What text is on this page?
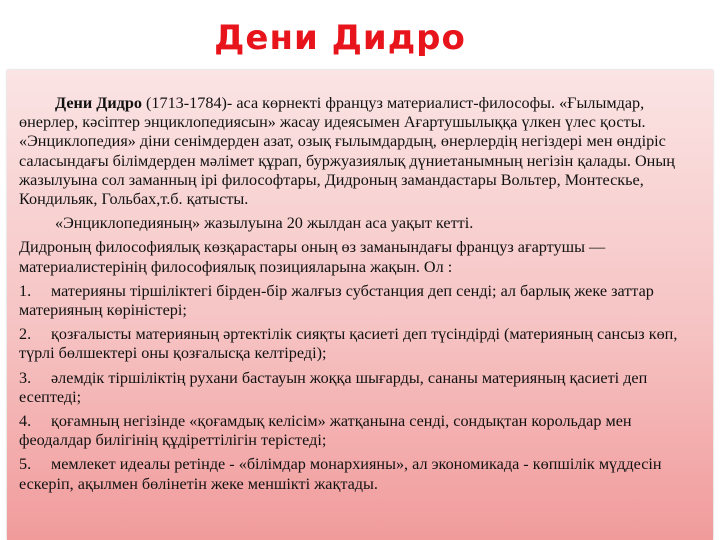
Дени Дидро

Дени Дидро (1713-1784)- аса көрнекті француз материалист-философы. «Ғылымдар, өнерлер, кәсіптер энциклопедиясын» жасау идеясымен Ағартушылыққа үлкен үлес қосты. «Энциклопедия» діни сенімдерден азат, озық ғылымдардың, өнерлердің негіздері мен өндіріс саласындағы білімдерден мәлімет құрап, буржуазиялық дүниетанымның негізін қалады. Оның жазылуына сол заманның ірі философтары, Дидроның замандастары Вольтер, Монтескье, Кондильяк, Гольбах,т.б. қатысты.

«Энциклопедияның» жазылуына 20 жылдан аса уақыт кетті.

Дидроның философиялық көзқарастары оның өз заманындағы француз ағартушы — материалистерінің философиялық позицияларына жақын. Ол :

1. материяны тіршіліктегі бірден-бір жалғыз субстанция деп сенді; ал барлық жеке заттар материяның көріністері;

2. қозғалысты материяның әртектілік сияқты қасиеті деп түсіндірді (материяның сансыз көп, түрлі бөлшектері оны қозғалысқа келтіреді);

3. әлемдік тіршіліктің рухани бастауын жоққа шығарды, сананы материяның қасиеті деп есептеді;

4. қоғамның негізінде «қоғамдық келісім» жатқанына сенді, сондықтан корольдар мен феодалдар билігінің құдіреттілігін терістеді;

5. мемлекет идеалы ретінде - «білімдар монархияны», ал экономикада - көпшілік мүддесін ескеріп, ақылмен бөлінетін жеке меншікті жақтады.
